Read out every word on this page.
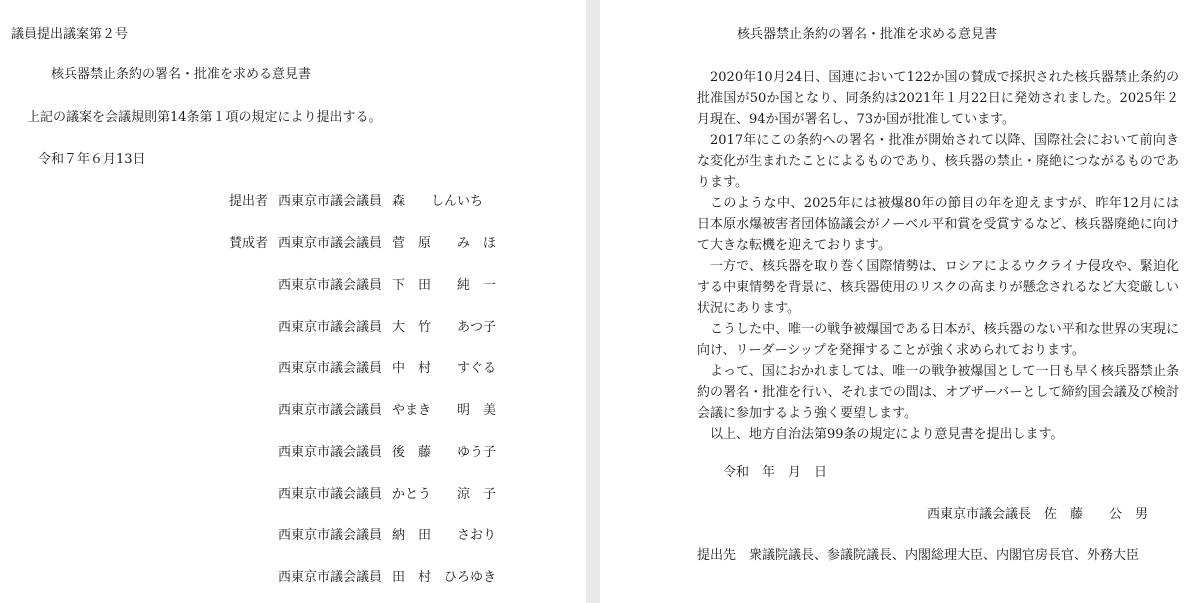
議員提出議案第２号
核兵器禁止条約の署名・批准を求める意見書
上記の議案を会議規則第14条第１項の規定により提出する。
令和７年６月13日
提出者
賛成者
西東京市議会議員 森　　しんいち
西東京市議会議員 菅　原　　み　ほ
西東京市議会議員 下　田　　純　一
西東京市議会議員 大　竹　　あつ子
西東京市議会議員 中　村　　すぐる
西東京市議会議員 やまき　　明　美
西東京市議会議員 後　藤　　ゆう子
西東京市議会議員 かとう　　涼　子
西東京市議会議員 納　田　　さおり
西東京市議会議員 田　村　ひろゆき
核兵器禁止条約の署名・批准を求める意見書

2020年10月24日、国連において122か国の賛成で採択された核兵器禁止条約の批准国が50か国となり、同条約は2021年１月22日に発効されました。2025年２月現在、94か国が署名し、73か国が批准しています。

2017年にこの条約への署名・批准が開始されて以降、国際社会において前向きな変化が生まれたことによるものであり、核兵器の禁止・廃絶につながるものであります。

このような中、2025年には被爆80年の節目の年を迎えますが、昨年12月には日本原水爆被害者団体協議会がノーベル平和賞を受賞するなど、核兵器廃絶に向けて大きな転機を迎えております。

一方で、核兵器を取り巻く国際情勢は、ロシアによるウクライナ侵攻や、緊迫化する中東情勢を背景に、核兵器使用のリスクの高まりが懸念されるなど大変厳しい状況にあります。

こうした中、唯一の戦争被爆国である日本が、核兵器のない平和な世界の実現に向け、リーダーシップを発揮することが強く求められております。

よって、国におかれましては、唯一の戦争被爆国として一日も早く核兵器禁止条約の署名・批准を行い、それまでの間は、オブザーバーとして締約国会議及び検討会議に参加するよう強く要望します。

以上、地方自治法第99条の規定により意見書を提出します。

令和　年　月　日
西東京市議会議長　佐　藤　　公　男
提出先　衆議院議長、参議院議長、内閣総理大臣、内閣官房長官、外務大臣
